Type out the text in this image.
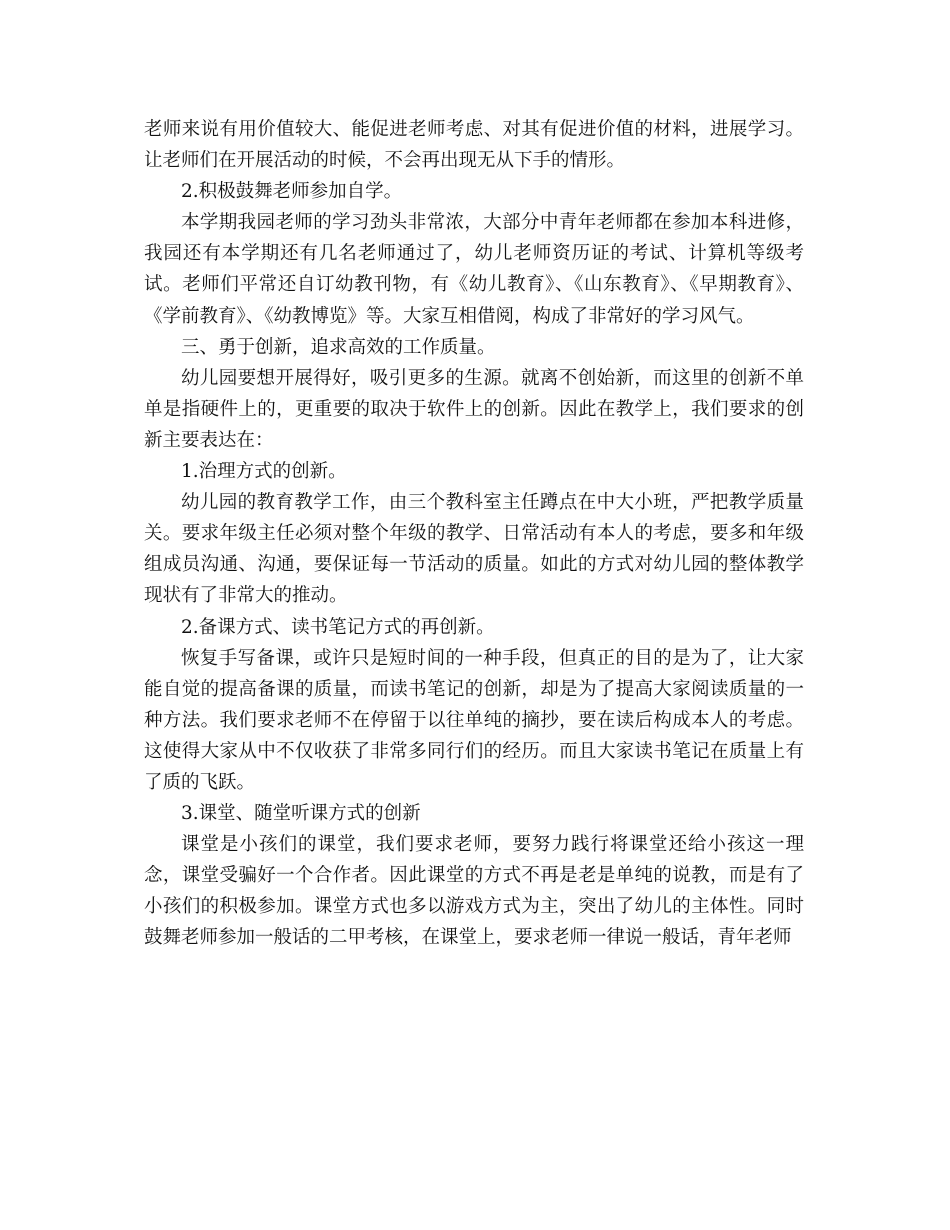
老师来说有用价值较大、能促进老师考虑、对其有促进价值的材料，进展学习。让老师们在开展活动的时候，不会再出现无从下手的情形。

2.积极鼓舞老师参加自学。

本学期我园老师的学习劲头非常浓，大部分中青年老师都在参加本科进修，我园还有本学期还有几名老师通过了，幼儿老师资历证的考试、计算机等级考试。老师们平常还自订幼教刊物，有《幼儿教育》、《山东教育》、《早期教育》、《学前教育》、《幼教博览》等。大家互相借阅，构成了非常好的学习风气。

三、勇于创新，追求高效的工作质量。

幼儿园要想开展得好，吸引更多的生源。就离不创始新，而这里的创新不单单是指硬件上的，更重要的取决于软件上的创新。因此在教学上，我们要求的创新主要表达在：

1.治理方式的创新。

幼儿园的教育教学工作，由三个教科室主任蹲点在中大小班，严把教学质量关。要求年级主任必须对整个年级的教学、日常活动有本人的考虑，要多和年级组成员沟通、沟通，要保证每一节活动的质量。如此的方式对幼儿园的整体教学现状有了非常大的推动。

2.备课方式、读书笔记方式的再创新。

恢复手写备课，或许只是短时间的一种手段，但真正的目的是为了，让大家能自觉的提高备课的质量，而读书笔记的创新，却是为了提高大家阅读质量的一种方法。我们要求老师不在停留于以往单纯的摘抄，要在读后构成本人的考虑。这使得大家从中不仅收获了非常多同行们的经历。而且大家读书笔记在质量上有了质的飞跃。

3.课堂、随堂听课方式的创新

课堂是小孩们的课堂，我们要求老师，要努力践行将课堂还给小孩这一理念，课堂受骗好一个合作者。因此课堂的方式不再是老是单纯的说教，而是有了小孩们的积极参加。课堂方式也多以游戏方式为主，突出了幼儿的主体性。同时鼓舞老师参加一般话的二甲考核，在课堂上，要求老师一律说一般话，青年老师
